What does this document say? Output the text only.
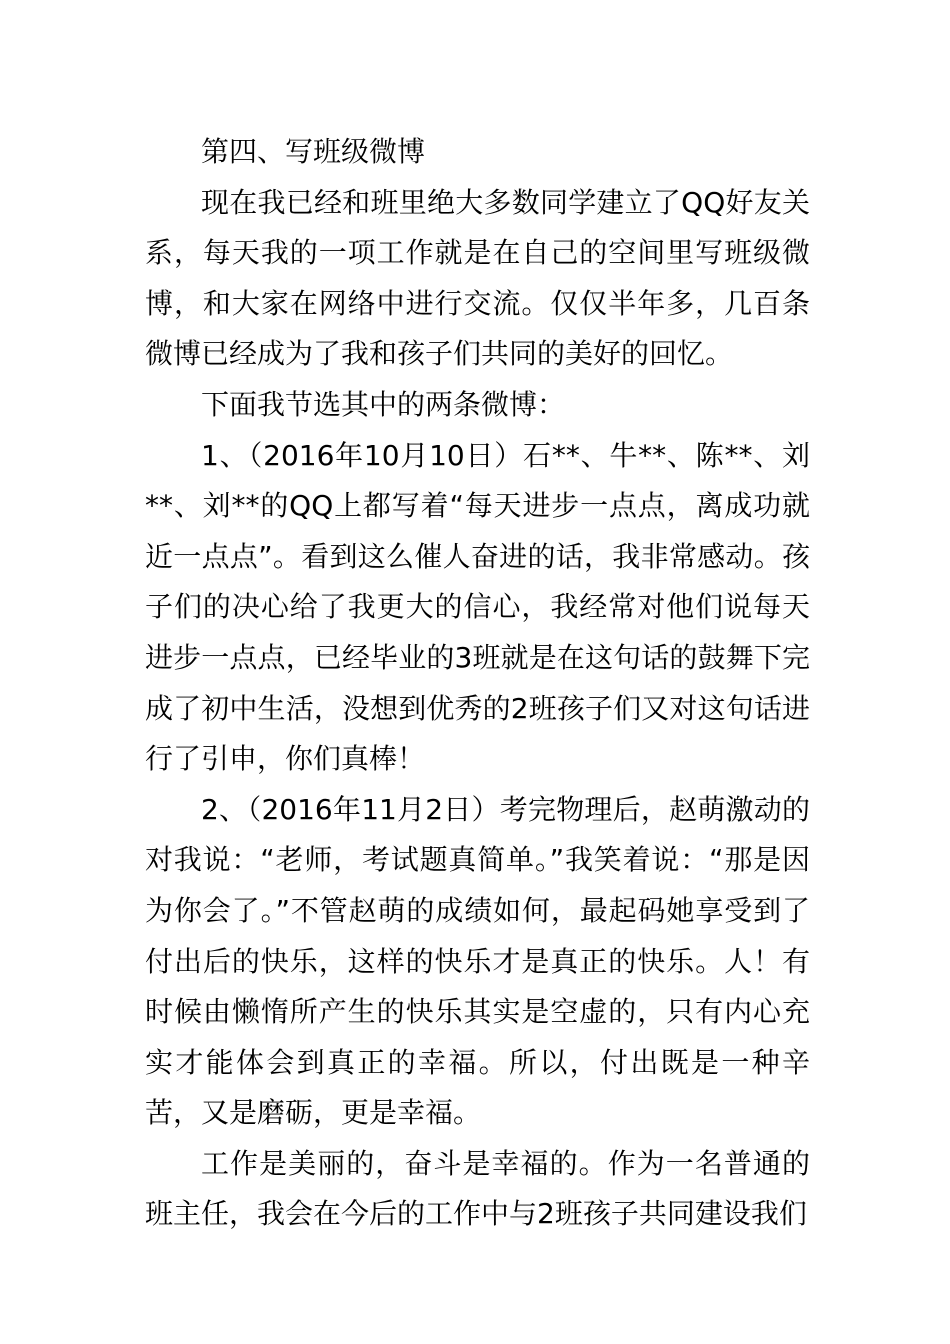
第四、写班级微博

现在我已经和班里绝大多数同学建立了QQ好友关系，每天我的一项工作就是在自己的空间里写班级微博，和大家在网络中进行交流。仅仅半年多，几百条微博已经成为了我和孩子们共同的美好的回忆。

下面我节选其中的两条微博：

1、（2016年10月10日）石**、牛**、陈**、刘**、刘**的QQ上都写着“每天进步一点点，离成功就近一点点”。看到这么催人奋进的话，我非常感动。孩子们的决心给了我更大的信心，我经常对他们说每天进步一点点，已经毕业的3班就是在这句话的鼓舞下完成了初中生活，没想到优秀的2班孩子们又对这句话进行了引申，你们真棒！

2、（2016年11月2日）考完物理后，赵萌激动的对我说：“老师，考试题真简单。”我笑着说：“那是因为你会了。”不管赵萌的成绩如何，最起码她享受到了付出后的快乐，这样的快乐才是真正的快乐。人！有时候由懒惰所产生的快乐其实是空虚的，只有内心充实才能体会到真正的幸福。所以，付出既是一种辛苦，又是磨砺，更是幸福。

工作是美丽的，奋斗是幸福的。作为一名普通的班主任，我会在今后的工作中与2班孩子共同建设我们
